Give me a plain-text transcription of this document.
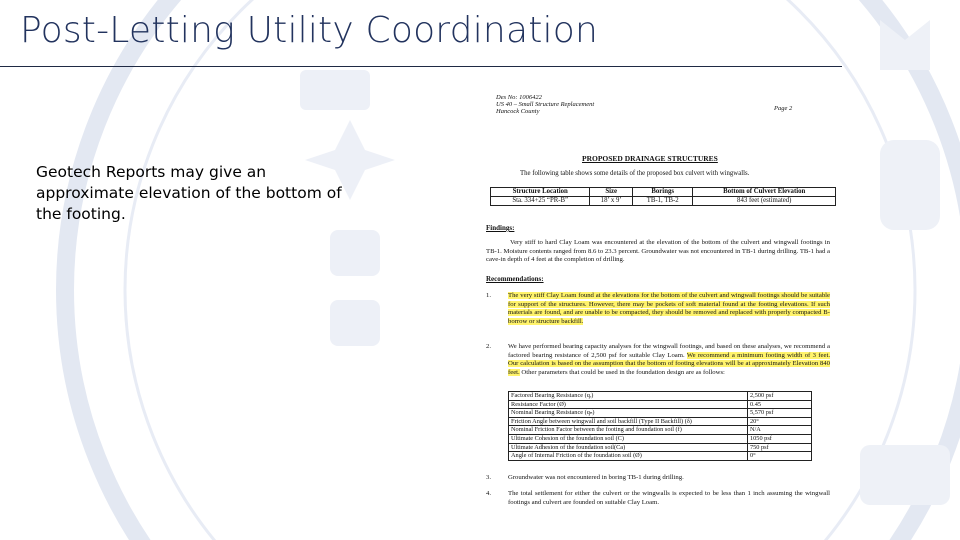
Post-Letting Utility Coordination
Geotech Reports may give an approximate elevation of the bottom of the footing.
Des No: 1006422
US 40 – Small Structure Replacement
Hancock County	Page 2
PROPOSED DRAINAGE STRUCTURES
The following table shows some details of the proposed box culvert with wingwalls.
Structure Location	Size	Borings	Bottom of Culvert Elevation
Sta. 334+25 “PR-B”	18’ x 9’	TB-1, TB-2	843 feet (estimated)
Findings:
Very stiff to hard Clay Loam was encountered at the elevation of the bottom of the culvert and wingwall footings in TB-1. Moisture contents ranged from 8.6 to 23.3 percent. Groundwater was not encountered in TB-1 during drilling. TB-1 had a cave-in depth of 4 feet at the completion of drilling.
Recommendations:
1.	The very stiff Clay Loam found at the elevations for the bottom of the culvert and wingwall footings should be suitable for support of the structures. However, there may be pockets of soft material found at the footing elevations. If such materials are found, and are unable to be compacted, they should be removed and replaced with properly compacted B-borrow or structure backfill.
2.	We have performed bearing capacity analyses for the wingwall footings, and based on these analyses, we recommend a factored bearing resistance of 2,500 psf for suitable Clay Loam. We recommend a minimum footing width of 3 feet. Our calculation is based on the assumption that the bottom of footing elevations will be at approximately Elevation 840 feet. Other parameters that could be used in the foundation design are as follows:
Factored Bearing Resistance (qᵣ)	2,500 psf
Resistance Factor (Ø)	0.45
Nominal Bearing Resistance (qₙ)	5,570 psf
Friction Angle between wingwall and soil backfill (Type II Backfill) (δ)	20°
Nominal Friction Factor between the footing and foundation soil (f)	N/A
Ultimate Cohesion of the foundation soil (C)	1050 psf
Ultimate Adhesion of the foundation soil(Ca)	750 psf
Angle of Internal Friction of the foundation soil (Ø)	0°
3.	Groundwater was not encountered in boring TB-1 during drilling.
4.	The total settlement for either the culvert or the wingwalls is expected to be less than 1 inch assuming the wingwall footings and culvert are founded on suitable Clay Loam.
